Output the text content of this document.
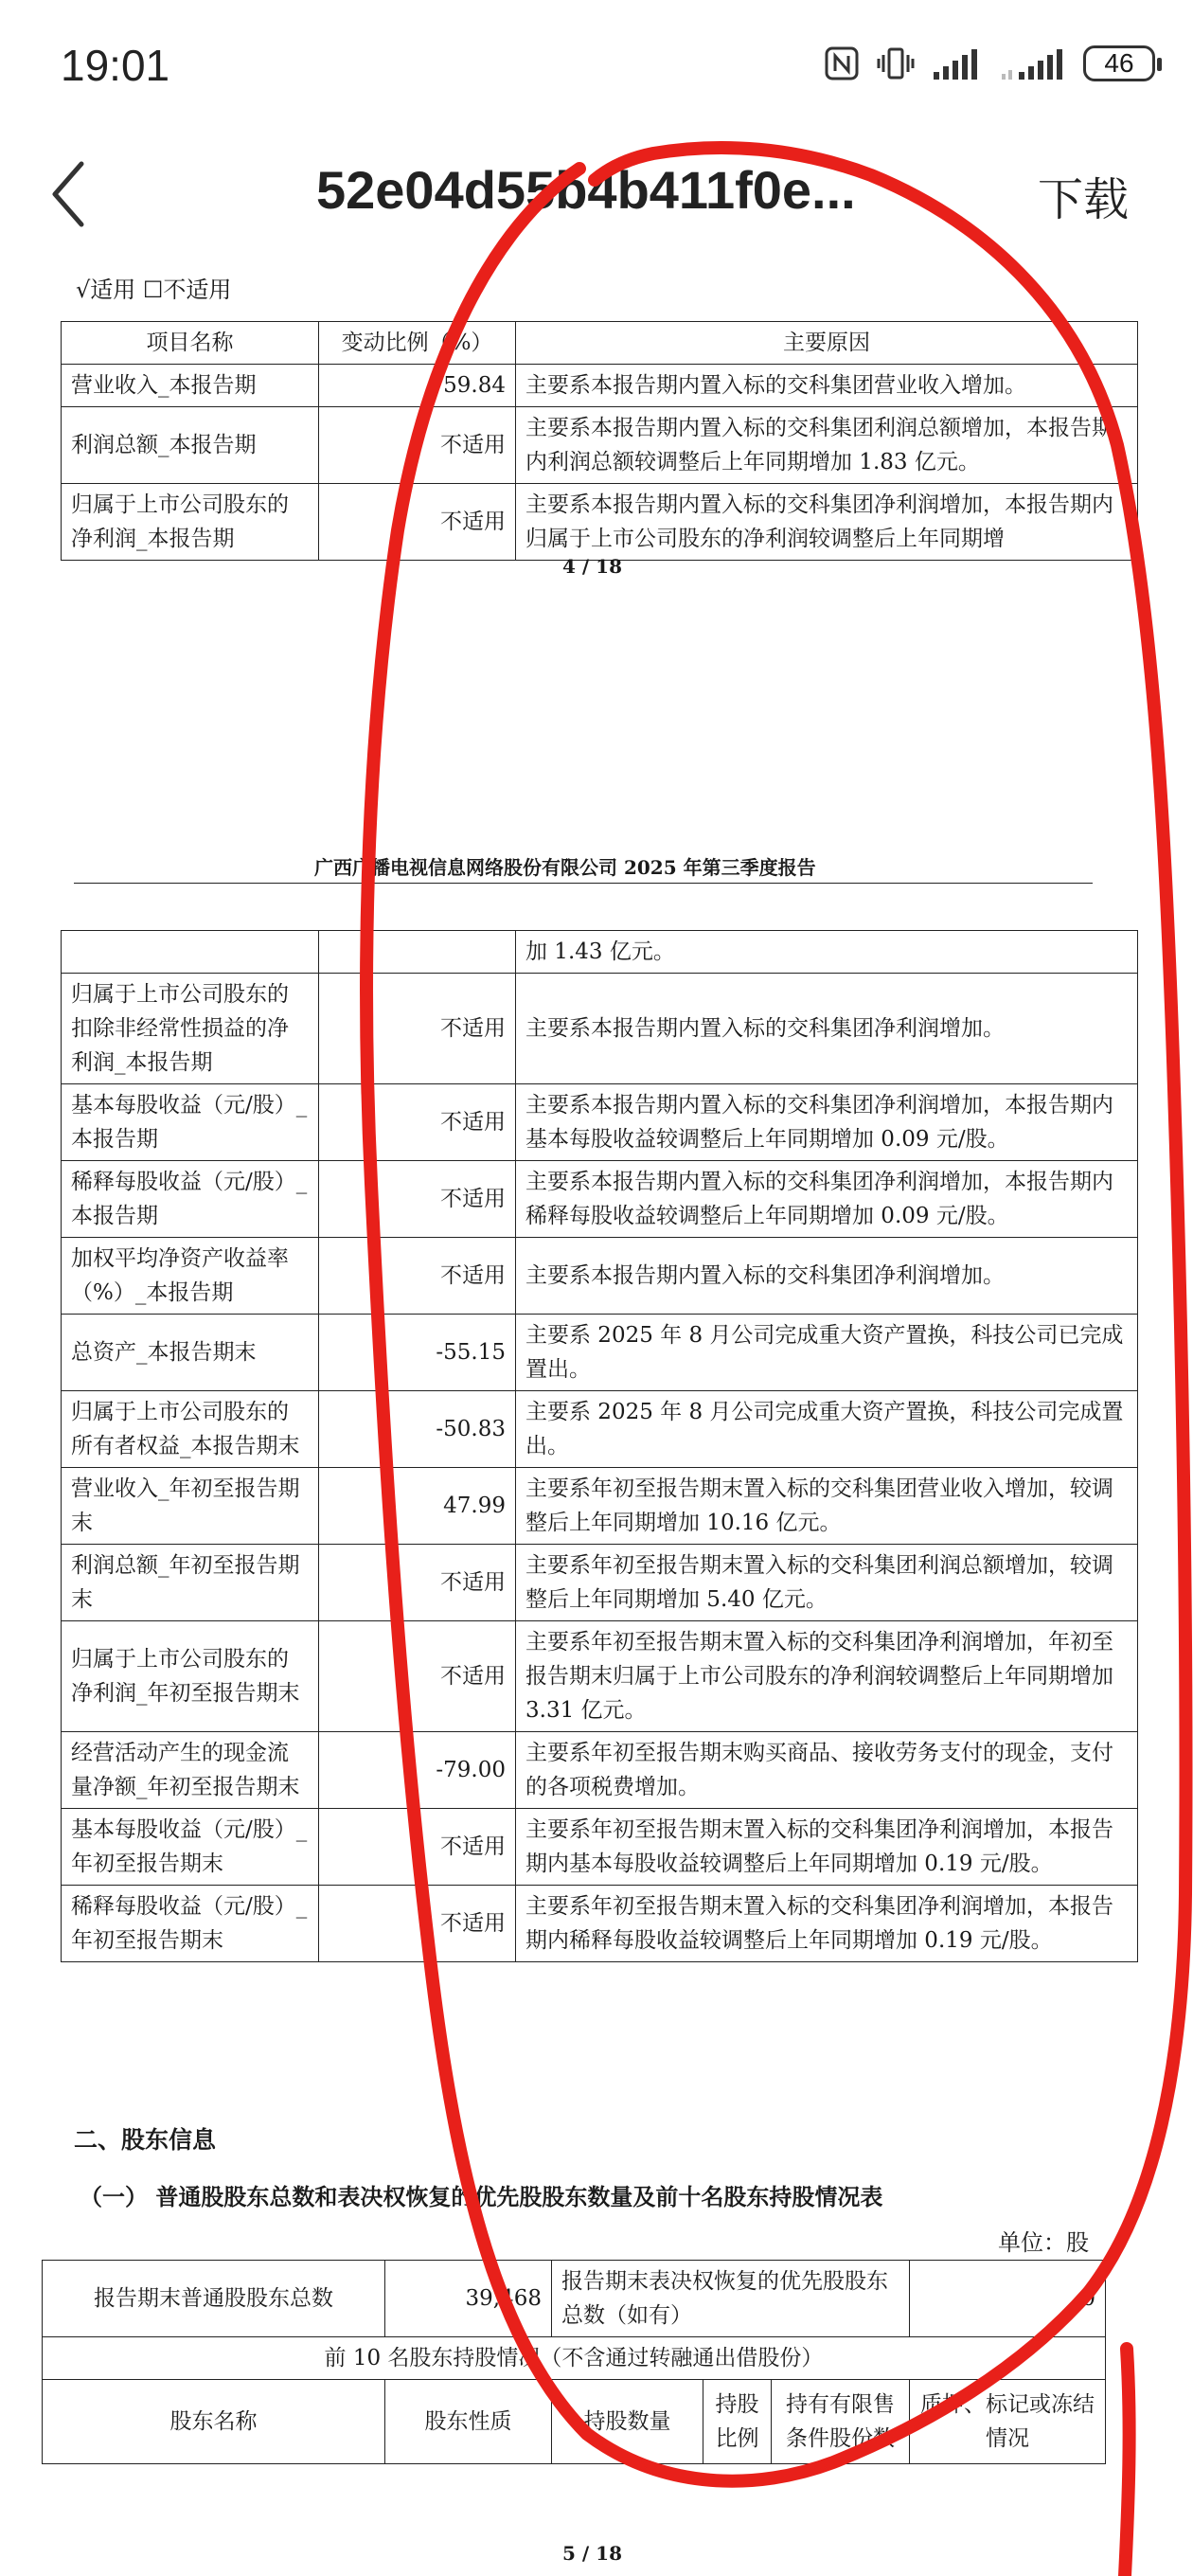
19:01	46
52e04d55b4b411f0e...	下载
√适用 ☐不适用
项目名称	变动比例（%）	主要原因
营业收入_本报告期	59.84	主要系本报告期内置入标的交科集团营业收入增加。
利润总额_本报告期	不适用	主要系本报告期内置入标的交科集团利润总额增加，本报告期内利润总额较调整后上年同期增加 1.83 亿元。
归属于上市公司股东的净利润_本报告期	不适用	主要系本报告期内置入标的交科集团净利润增加，本报告期内归属于上市公司股东的净利润较调整后上年同期增
4 / 18
广西广播电视信息网络股份有限公司 2025 年第三季度报告
		加 1.43 亿元。
归属于上市公司股东的扣除非经常性损益的净利润_本报告期	不适用	主要系本报告期内置入标的交科集团净利润增加。
基本每股收益（元/股）_本报告期	不适用	主要系本报告期内置入标的交科集团净利润增加，本报告期内基本每股收益较调整后上年同期增加 0.09 元/股。
稀释每股收益（元/股）_本报告期	不适用	主要系本报告期内置入标的交科集团净利润增加，本报告期内稀释每股收益较调整后上年同期增加 0.09 元/股。
加权平均净资产收益率（%）_本报告期	不适用	主要系本报告期内置入标的交科集团净利润增加。
总资产_本报告期末	-55.15	主要系 2025 年 8 月公司完成重大资产置换，科技公司已完成置出。
归属于上市公司股东的所有者权益_本报告期末	-50.83	主要系 2025 年 8 月公司完成重大资产置换，科技公司完成置出。
营业收入_年初至报告期末	47.99	主要系年初至报告期末置入标的交科集团营业收入增加，较调整后上年同期增加 10.16 亿元。
利润总额_年初至报告期末	不适用	主要系年初至报告期末置入标的交科集团利润总额增加，较调整后上年同期增加 5.40 亿元。
归属于上市公司股东的净利润_年初至报告期末	不适用	主要系年初至报告期末置入标的交科集团净利润增加，年初至报告期末归属于上市公司股东的净利润较调整后上年同期增加 3.31 亿元。
经营活动产生的现金流量净额_年初至报告期末	-79.00	主要系年初至报告期末购买商品、接收劳务支付的现金，支付的各项税费增加。
基本每股收益（元/股）_年初至报告期末	不适用	主要系年初至报告期末置入标的交科集团净利润增加，本报告期内基本每股收益较调整后上年同期增加 0.19 元/股。
稀释每股收益（元/股）_年初至报告期末	不适用	主要系年初至报告期末置入标的交科集团净利润增加，本报告期内稀释每股收益较调整后上年同期增加 0.19 元/股。
二、股东信息
（一） 普通股股东总数和表决权恢复的优先股股东数量及前十名股东持股情况表
单位：股
报告期末普通股股东总数	39,468	报告期末表决权恢复的优先股股东总数（如有）			0
前 10 名股东持股情况（不含通过转融通出借股份）					
股东名称	股东性质	持股数量	持股比例	持有有限售条件股份数	质押、标记或冻结情况
5 / 18
